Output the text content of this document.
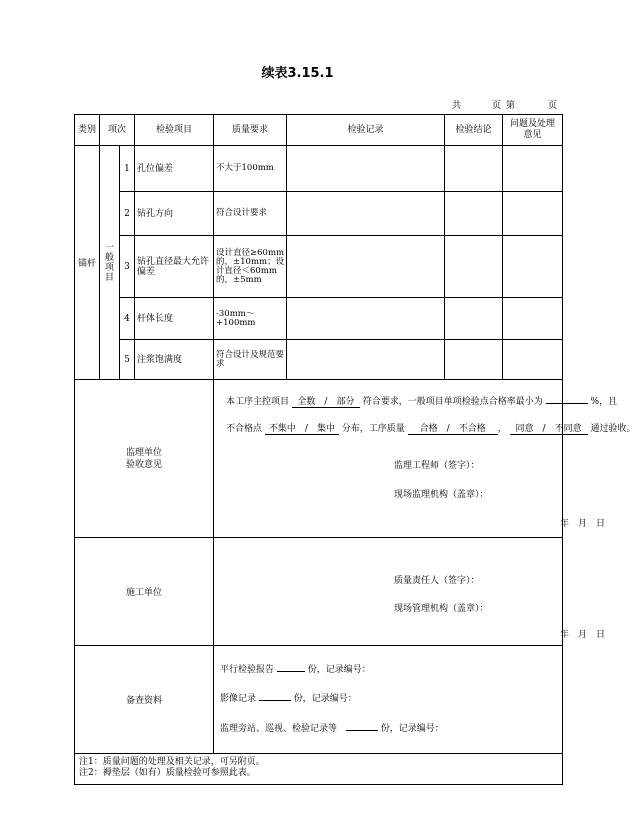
续表3.15.1
共	页 第	页
类别	项次		检验项目	质量要求	检验记录	检验结论	问题及处理意见
锚杆	一般项目	1	孔位偏差	不大于100mm			
		2	钻孔方向	符合设计要求			
		3	钻孔直径最大允许偏差	设计直径≥60mm的，±10mm；设计直径＜60mm的，±5mm			
		4	杆体长度	-30mm～+100mm			
		5	注浆饱满度	符合设计及规范要求			

监理单位验收意见				本工序主控项目 全数　 /　 部分 符合要求，一般项目单项检验点合格率最小为 %，且
不合格点 不集中　 /　 集中 分布，工序质量 合格　 /　 不合格 ， 同意　 /　 不同意 通过验收。
监理工程师（签字）：
现场监理机构（盖章）：
年　月　日			

施工单位				质量责任人（签字）：
现场管理机构（盖章）：
年　月　日			

备查资料				平行检验报告 份，记录编号：
影像记录 份，记录编号：
监理旁站、巡视、检验记录等 份，记录编号：			

注1：质量问题的处理及相关记录，可另附页。
注2：褥垫层（如有）质量检验可参照此表。							
